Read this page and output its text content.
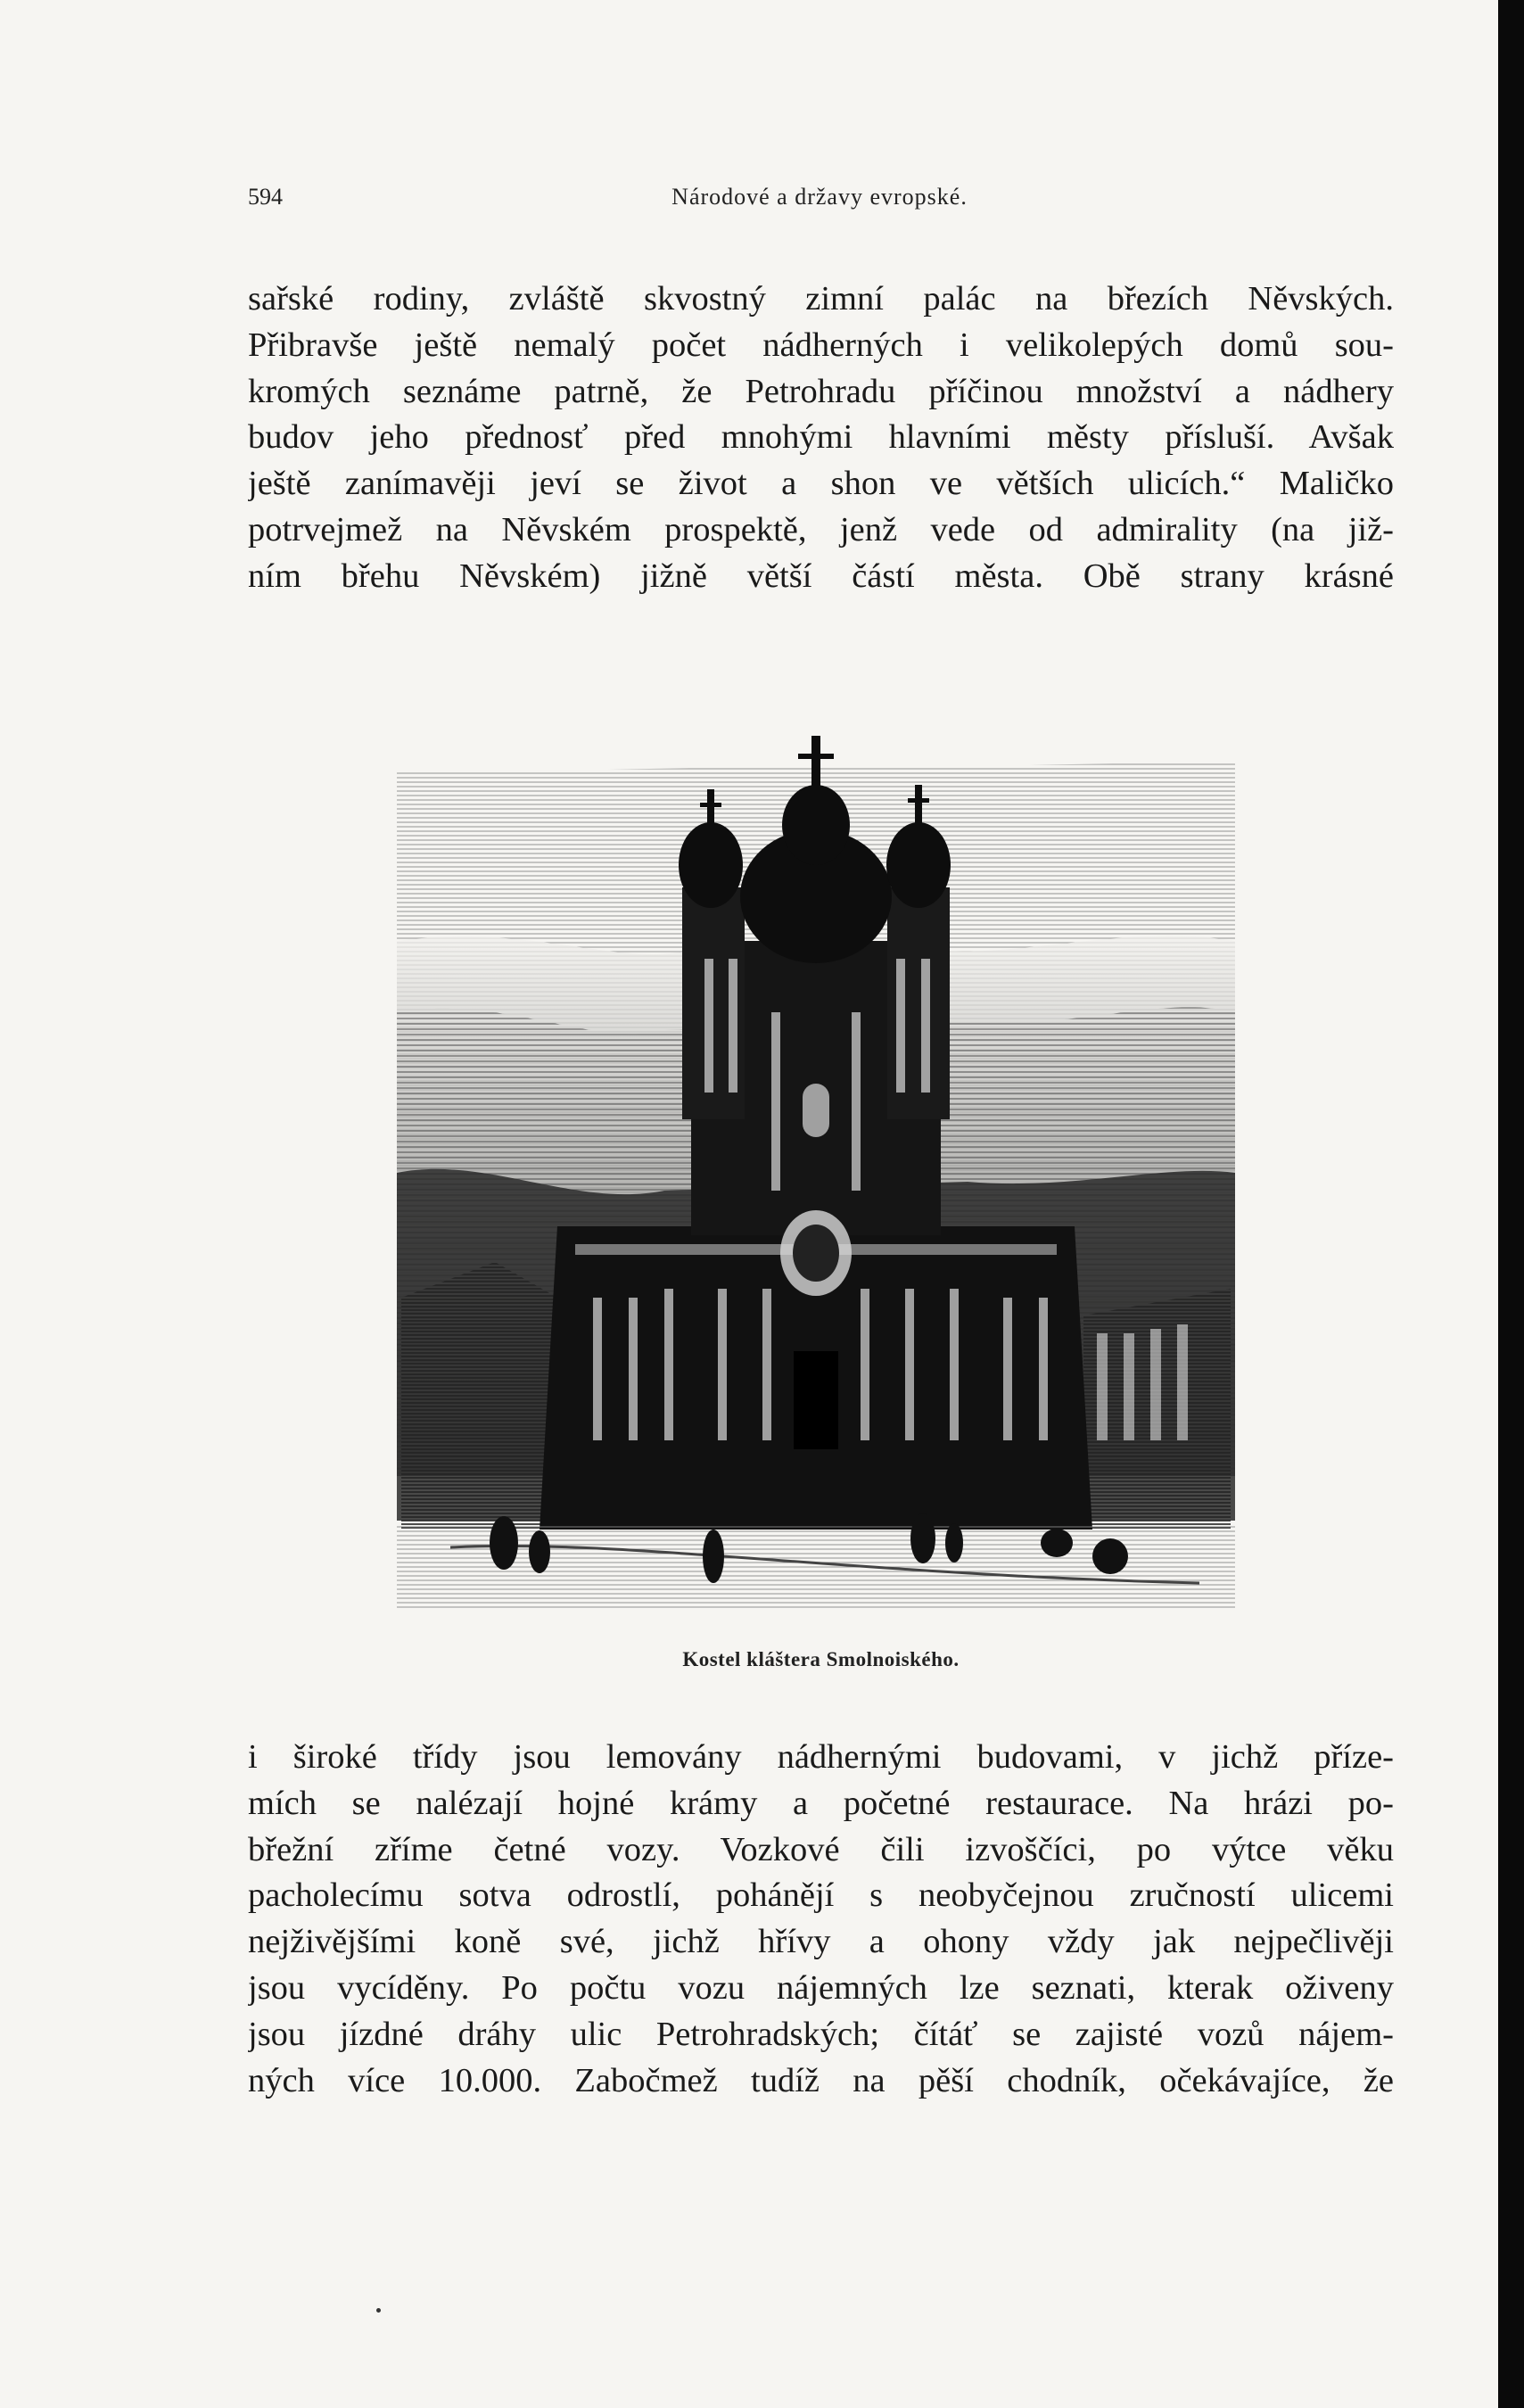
594	Národové a državy evropské.
sařské rodiny, zvláště skvostný zimní palác na březích Něvských.
Přibravše ještě nemalý počet nádherných i velikolepých domů sou-
kromých seznáme patrně, že Petrohradu příčinou množství a nádhery
budov jeho přednosť před mnohými hlavními městy přísluší. Avšak
ještě zanímavěji jeví se život a shon ve větších ulicích.“ Maličko
potrvejmež na Něvském prospektě, jenž vede od admirality (na již-
ním břehu Něvském) jižně větší částí města. Obě strany krásné
Kostel kláštera Smolnoiského.
i široké třídy jsou lemovány nádhernými budovami, v jichž příze-
mích se nalézají hojné krámy a početné restaurace. Na hrázi po-
břežní zříme četné vozy. Vozkové čili izvoščíci, po výtce věku
pacholecímu sotva odrostlí, pohánějí s neobyčejnou zručností ulicemi
nejživějšími koně své, jichž hřívy a ohony vždy jak nejpečlivěji
jsou vycíděny. Po počtu vozu nájemných lze seznati, kterak oživeny
jsou jízdné dráhy ulic Petrohradských; čítáť se zajisté vozů nájem-
ných více 10.000. Zabočmež tudíž na pěší chodník, očekávajíce, že
